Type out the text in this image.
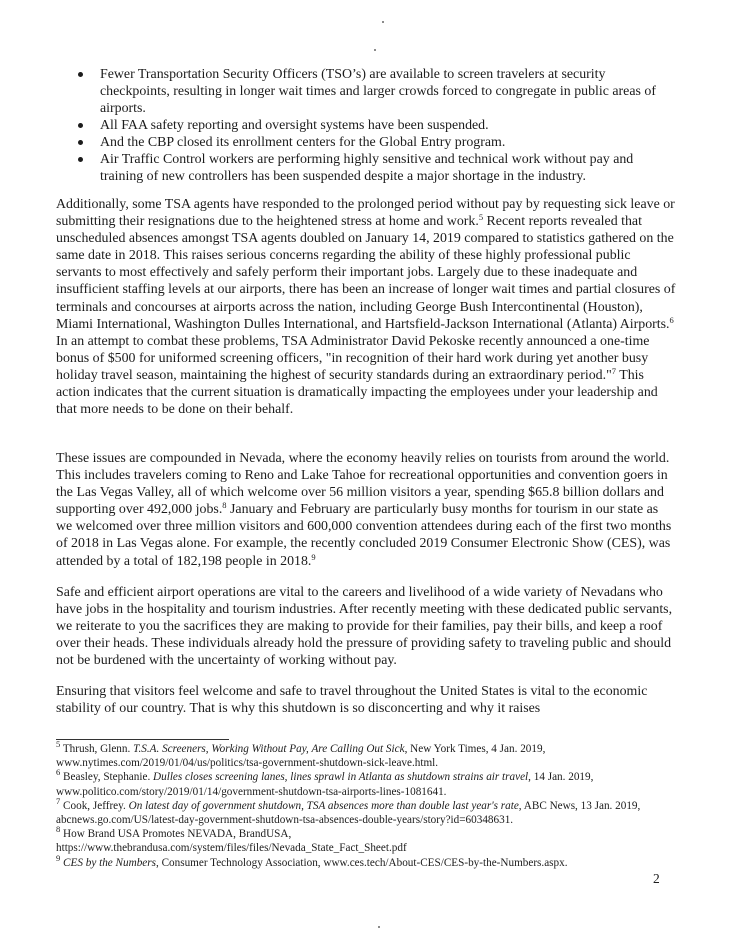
Fewer Transportation Security Officers (TSO’s) are available to screen travelers at security checkpoints, resulting in longer wait times and larger crowds forced to congregate in public areas of airports.
All FAA safety reporting and oversight systems have been suspended.
And the CBP closed its enrollment centers for the Global Entry program.
Air Traffic Control workers are performing highly sensitive and technical work without pay and training of new controllers has been suspended despite a major shortage in the industry.

Additionally, some TSA agents have responded to the prolonged period without pay by requesting sick leave or submitting their resignations due to the heightened stress at home and work.$^5$ Recent reports revealed that unscheduled absences amongst TSA agents doubled on January 14, 2019 compared to statistics gathered on the same date in 2018. This raises serious concerns regarding the ability of these highly professional public servants to most effectively and safely perform their important jobs. Largely due to these inadequate and insufficient staffing levels at our airports, there has been an increase of longer wait times and partial closures of terminals and concourses at airports across the nation, including George Bush Intercontinental (Houston), Miami International, Washington Dulles International, and Hartsfield-Jackson International (Atlanta) Airports.$^6$ In an attempt to combat these problems, TSA Administrator David Pekoske recently announced a one-time bonus of $500 for uniformed screening officers, "in recognition of their hard work during yet another busy holiday travel season, maintaining the highest of security standards during an extraordinary period."$^7$ This action indicates that the current situation is dramatically impacting the employees under your leadership and that more needs to be done on their behalf.

These issues are compounded in Nevada, where the economy heavily relies on tourists from around the world. This includes travelers coming to Reno and Lake Tahoe for recreational opportunities and convention goers in the Las Vegas Valley, all of which welcome over 56 million visitors a year, spending $65.8 billion dollars and supporting over 492,000 jobs.$^8$ January and February are particularly busy months for tourism in our state as we welcomed over three million visitors and 600,000 convention attendees during each of the first two months of 2018 in Las Vegas alone. For example, the recently concluded 2019 Consumer Electronic Show (CES), was attended by a total of 182,198 people in 2018.$^9$

Safe and efficient airport operations are vital to the careers and livelihood of a wide variety of Nevadans who have jobs in the hospitality and tourism industries. After recently meeting with these dedicated public servants, we reiterate to you the sacrifices they are making to provide for their families, pay their bills, and keep a roof over their heads. These individuals already hold the pressure of providing safety to traveling public and should not be burdened with the uncertainty of working without pay.

Ensuring that visitors feel welcome and safe to travel throughout the United States is vital to the economic stability of our country. That is why this shutdown is so disconcerting and why it raises

$^5$ Thrush, Glenn. T.S.A. Screeners, Working Without Pay, Are Calling Out Sick, New York Times, 4 Jan. 2019, www.nytimes.com/2019/01/04/us/politics/tsa-government-shutdown-sick-leave.html.

$^6$ Beasley, Stephanie. Dulles closes screening lanes, lines sprawl in Atlanta as shutdown strains air travel, 14 Jan. 2019, www.politico.com/story/2019/01/14/government-shutdown-tsa-airports-lines-1081641.

$^7$ Cook, Jeffrey. On latest day of government shutdown, TSA absences more than double last year's rate, ABC News, 13 Jan. 2019, abcnews.go.com/US/latest-day-government-shutdown-tsa-absences-double-years/story?id=60348631.

$^8$ How Brand USA Promotes NEVADA, BrandUSA,

https://www.thebrandusa.com/system/files/files/Nevada_State_Fact_Sheet.pdf

$^9$ CES by the Numbers, Consumer Technology Association, www.ces.tech/About-CES/CES-by-the-Numbers.aspx.

2
